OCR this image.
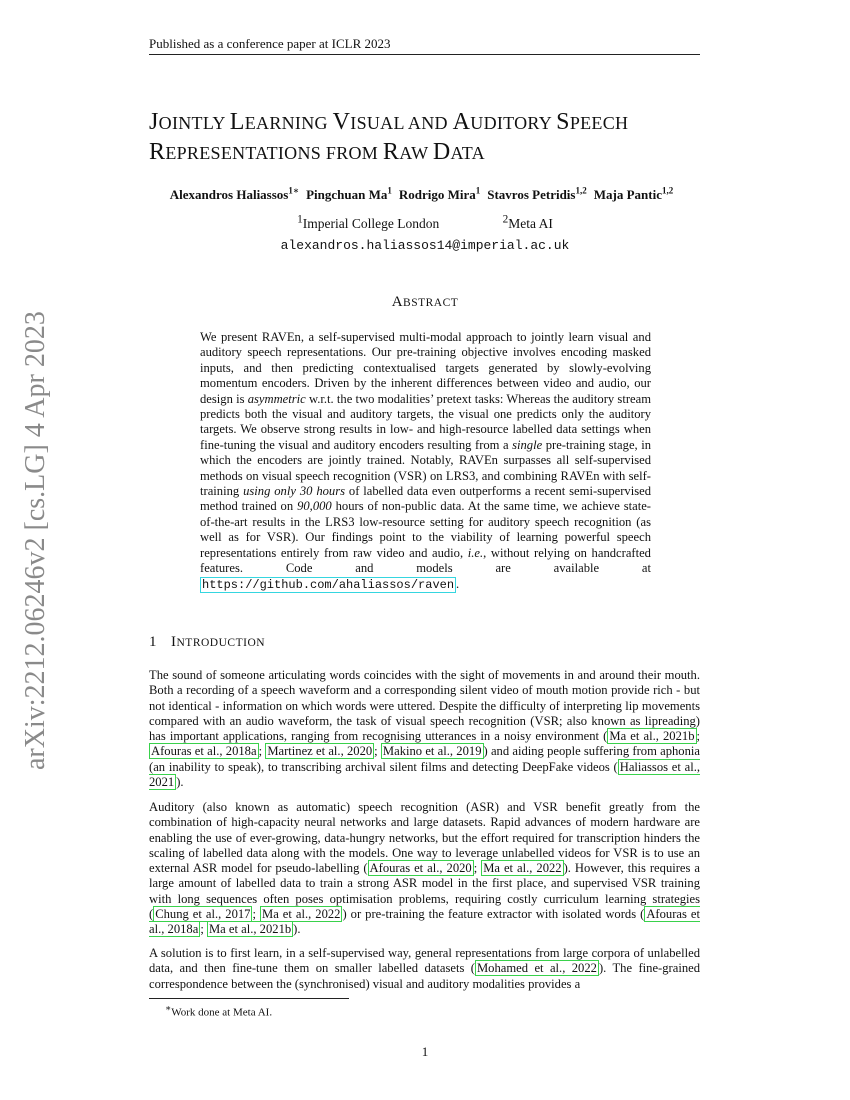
Published as a conference paper at ICLR 2023
arXiv:2212.06246v2 [cs.LG] 4 Apr 2023
JOINTLY LEARNING VISUAL AND AUDITORY SPEECH
REPRESENTATIONS FROM RAW DATA
Alexandros Haliassos$^{1∗}$ Pingchuan Ma$^1$ Rodrigo Mira$^1$ Stavros Petridis$^{1,2}$ Maja Pantic$^{1,2}$
$^1$Imperial College London	$^2$Meta AI
alexandros.haliassos14@imperial.ac.uk
ABSTRACT

We present RAVEn, a self-supervised multi-modal approach to jointly learn visual and auditory speech representations. Our pre-training objective involves encoding masked inputs, and then predicting contextualised targets generated by slowly-evolving momentum encoders. Driven by the inherent differences between video and audio, our design is asymmetric w.r.t. the two modalities’ pretext tasks: Whereas the auditory stream predicts both the visual and auditory targets, the visual one predicts only the auditory targets. We observe strong results in low- and high-resource labelled data settings when fine-tuning the visual and auditory encoders resulting from a single pre-training stage, in which the encoders are jointly trained. Notably, RAVEn surpasses all self-supervised methods on visual speech recognition (VSR) on LRS3, and combining RAVEn with self-training using only 30 hours of labelled data even outperforms a recent semi-supervised method trained on 90,000 hours of non-public data. At the same time, we achieve state-of-the-art results in the LRS3 low-resource setting for auditory speech recognition (as well as for VSR). Our findings point to the viability of learning powerful speech representations entirely from raw video and audio, i.e., without relying on handcrafted features. Code and models are available at https://github.com/ahaliassos/raven .

1 INTRODUCTION

The sound of someone articulating words coincides with the sight of movements in and around their mouth. Both a recording of a speech waveform and a corresponding silent video of mouth motion provide rich - but not identical - information on which words were uttered. Despite the difficulty of interpreting lip movements compared with an audio waveform, the task of visual speech recognition (VSR; also known as lipreading) has important applications, ranging from recognising utterances in a noisy environment ( Ma et al., 2021b ; Afouras et al., 2018a ; Martinez et al., 2020 ; Makino et al., 2019 ) and aiding people suffering from aphonia (an inability to speak), to transcribing archival silent films and detecting DeepFake videos ( Haliassos et al., 2021 ).

Auditory (also known as automatic) speech recognition (ASR) and VSR benefit greatly from the combination of high-capacity neural networks and large datasets. Rapid advances of modern hardware are enabling the use of ever-growing, data-hungry networks, but the effort required for transcription hinders the scaling of labelled data along with the models. One way to leverage unlabelled videos for VSR is to use an external ASR model for pseudo-labelling ( Afouras et al., 2020 ; Ma et al., 2022 ). However, this requires a large amount of labelled data to train a strong ASR model in the first place, and supervised VSR training with long sequences often poses optimisation problems, requiring costly curriculum learning strategies ( Chung et al., 2017 ; Ma et al., 2022 ) or pre-training the feature extractor with isolated words ( Afouras et al., 2018a ; Ma et al., 2021b ).

A solution is to first learn, in a self-supervised way, general representations from large corpora of unlabelled data, and then fine-tune them on smaller labelled datasets ( Mohamed et al., 2022 ). The fine-grained correspondence between the (synchronised) visual and auditory modalities provides a

∗Work done at Meta AI.
1
